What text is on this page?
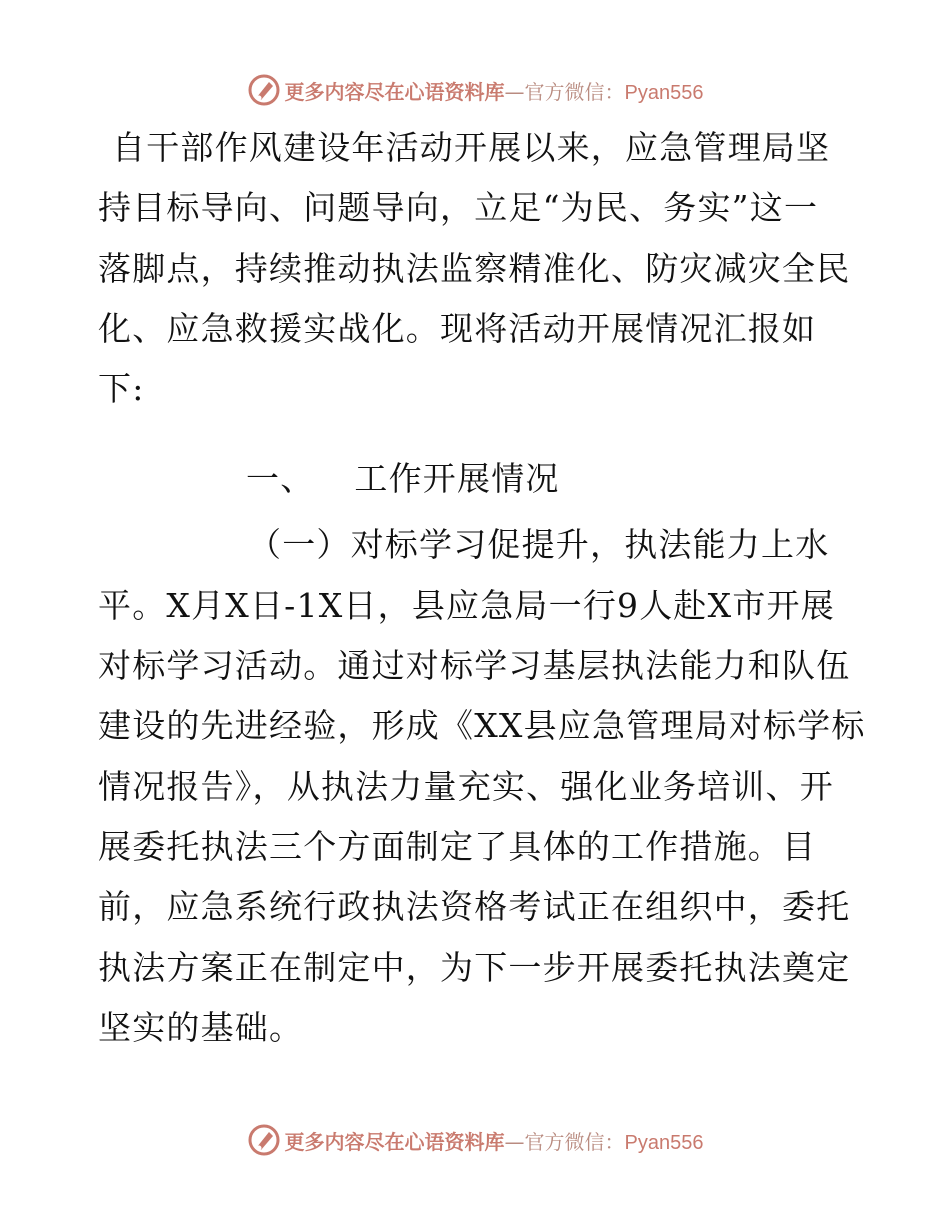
更多内容尽在心语资料库—官方微信：Pyan556

自干部作风建设年活动开展以来，应急管理局坚
持目标导向、问题导向，立足“为民、务实”这一
落脚点，持续推动执法监察精准化、防灾减灾全民
化、应急救援实战化。现将活动开展情况汇报如
下:

一、 工作开展情况

（一）对标学习促提升，执法能力上水
平。X月X日-1X日，县应急局一行9人赴X市开展
对标学习活动。通过对标学习基层执法能力和队伍
建设的先进经验，形成《XX县应急管理局对标学标
情况报告》，从执法力量充实、强化业务培训、开
展委托执法三个方面制定了具体的工作措施。目
前，应急系统行政执法资格考试正在组织中，委托
执法方案正在制定中，为下一步开展委托执法奠定
坚实的基础。

更多内容尽在心语资料库—官方微信：Pyan556
